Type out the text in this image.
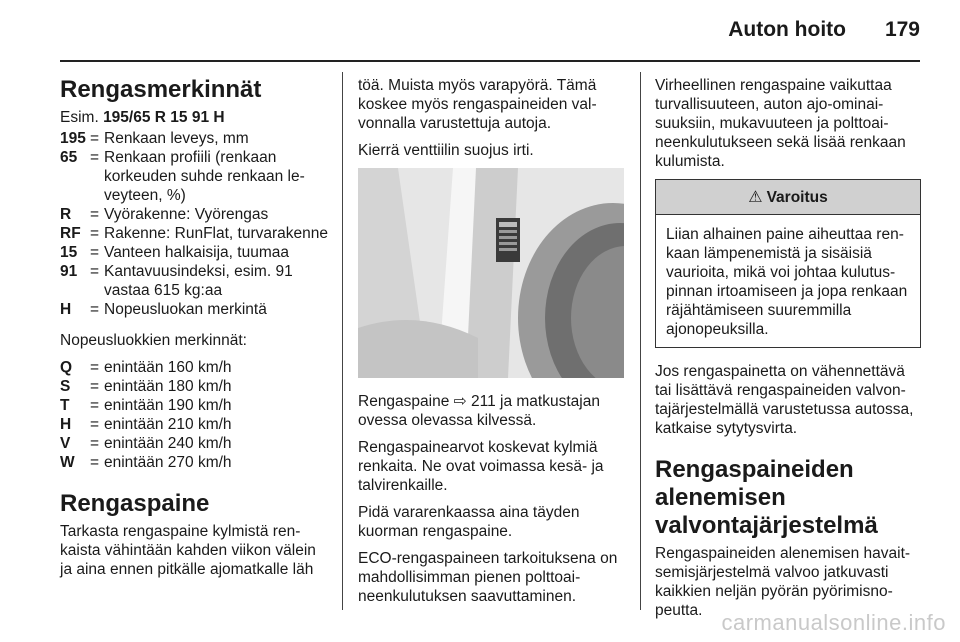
Auton hoito 179
Rengasmerkinnät
Esim. 195/65 R 15 91 H
195 = Renkaan leveys, mm
65 = Renkaan profiili (renkaan korkeuden suhde renkaan leveyteen, %)
R	= Vyörakenne: Vyörengas
RF = Rakenne: RunFlat, turvarakenne
15 = Vanteen halkaisija, tuumaa
91 = Kantavuusindeksi, esim. 91 vastaa 615 kg:aa
H	= Nopeusluokan merkintä

Nopeusluokkien merkinnät:

Q	= enintään 160 km/h
S	= enintään 180 km/h
T	= enintään 190 km/h
H	= enintään 210 km/h
V	= enintään 240 km/h
W = enintään 270 km/h
Rengaspaine

Tarkasta rengaspaine kylmistä renkaista vähintään kahden viikon välein ja aina ennen pitkälle ajomatkalle läh

töä. Muista myös varapyörä. Tämä koskee myös rengaspaineiden valvonnalla varustettuja autoja.

Kierrä venttiilin suojus irti.

Rengaspaine ⇨ 211 ja matkustajan ovessa olevassa kilvessä.

Rengaspainearvot koskevat kylmiä renkaita. Ne ovat voimassa kesä- ja talvirenkaille.

Pidä vararenkaassa aina täyden kuorman rengaspaine.

ECO-rengaspaineen tarkoituksena on mahdollisimman pienen polttoaineenkulutuksen saavuttaminen.

Virheellinen rengaspaine vaikuttaa turvallisuuteen, auton ajo-ominaisuuksiin, mukavuuteen ja polttoaineenkulutukseen sekä lisää renkaan kulumista.

⚠ Varoitus
Liian alhainen paine aiheuttaa renkaan lämpenemistä ja sisäisiä vaurioita, mikä voi johtaa kulutuspinnan irtoamiseen ja jopa renkaan räjähtämiseen suuremmilla ajonopeuksilla.

Jos rengaspainetta on vähennettävä tai lisättävä rengaspaineiden valvontajärjestelmällä varustetussa autossa, katkaise sytytysvirta.

Rengaspaineiden alenemisen valvontajärjestelmä

Rengaspaineiden alenemisen havaitsemisjärjestelmä valvoo jatkuvasti kaikkien neljän pyörän pyörimisnopeutta. carmanualsonline.info
